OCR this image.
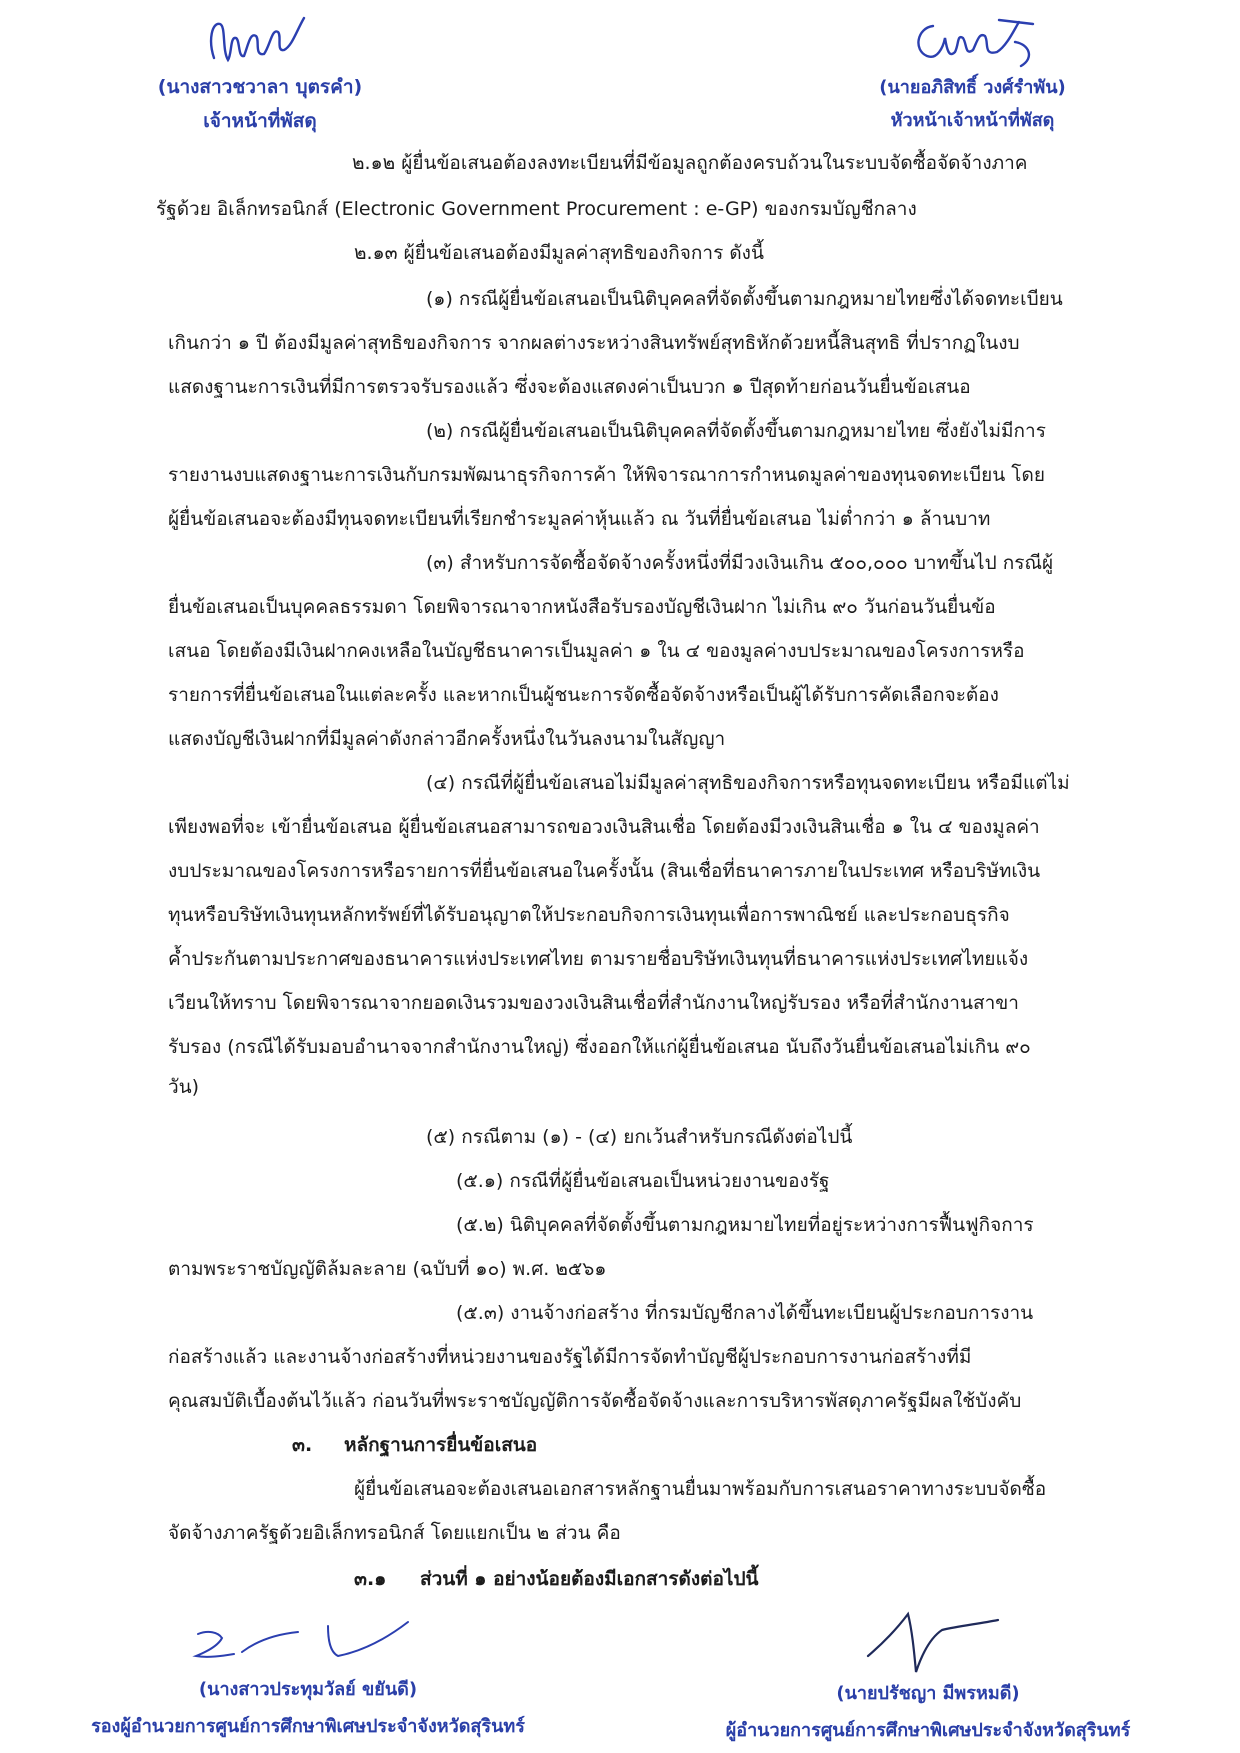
(นางสาวชวาลา บุตรคำ)
เจ้าหน้าที่พัสดุ
(นายอภิสิทธิ์ วงศ์รำพัน)
หัวหน้าเจ้าหน้าที่พัสดุ
๒.๑๒ ผู้ยื่นข้อเสนอต้องลงทะเบียนที่มีข้อมูลถูกต้องครบถ้วนในระบบจัดซื้อจัดจ้างภาค
รัฐด้วย อิเล็กทรอนิกส์ (Electronic Government Procurement : e-GP) ของกรมบัญชีกลาง
๒.๑๓ ผู้ยื่นข้อเสนอต้องมีมูลค่าสุทธิของกิจการ ดังนี้
(๑) กรณีผู้ยื่นข้อเสนอเป็นนิติบุคคลที่จัดตั้งขึ้นตามกฎหมายไทยซึ่งได้จดทะเบียน
เกินกว่า ๑ ปี ต้องมีมูลค่าสุทธิของกิจการ จากผลต่างระหว่างสินทรัพย์สุทธิหักด้วยหนี้สินสุทธิ ที่ปรากฏในงบ
แสดงฐานะการเงินที่มีการตรวจรับรองแล้ว ซึ่งจะต้องแสดงค่าเป็นบวก ๑ ปีสุดท้ายก่อนวันยื่นข้อเสนอ
(๒) กรณีผู้ยื่นข้อเสนอเป็นนิติบุคคลที่จัดตั้งขึ้นตามกฎหมายไทย ซึ่งยังไม่มีการ
รายงานงบแสดงฐานะการเงินกับกรมพัฒนาธุรกิจการค้า ให้พิจารณาการกำหนดมูลค่าของทุนจดทะเบียน โดย
ผู้ยื่นข้อเสนอจะต้องมีทุนจดทะเบียนที่เรียกชำระมูลค่าหุ้นแล้ว ณ วันที่ยื่นข้อเสนอ ไม่ต่ำกว่า ๑ ล้านบาท
(๓) สำหรับการจัดซื้อจัดจ้างครั้งหนึ่งที่มีวงเงินเกิน ๕๐๐,๐๐๐ บาทขึ้นไป กรณีผู้
ยื่นข้อเสนอเป็นบุคคลธรรมดา โดยพิจารณาจากหนังสือรับรองบัญชีเงินฝาก ไม่เกิน ๙๐ วันก่อนวันยื่นข้อ
เสนอ โดยต้องมีเงินฝากคงเหลือในบัญชีธนาคารเป็นมูลค่า ๑ ใน ๔ ของมูลค่างบประมาณของโครงการหรือ
รายการที่ยื่นข้อเสนอในแต่ละครั้ง และหากเป็นผู้ชนะการจัดซื้อจัดจ้างหรือเป็นผู้ได้รับการคัดเลือกจะต้อง
แสดงบัญชีเงินฝากที่มีมูลค่าดังกล่าวอีกครั้งหนึ่งในวันลงนามในสัญญา
(๔) กรณีที่ผู้ยื่นข้อเสนอไม่มีมูลค่าสุทธิของกิจการหรือทุนจดทะเบียน หรือมีแต่ไม่
เพียงพอที่จะ เข้ายื่นข้อเสนอ ผู้ยื่นข้อเสนอสามารถขอวงเงินสินเชื่อ โดยต้องมีวงเงินสินเชื่อ ๑ ใน ๔ ของมูลค่า
งบประมาณของโครงการหรือรายการที่ยื่นข้อเสนอในครั้งนั้น (สินเชื่อที่ธนาคารภายในประเทศ หรือบริษัทเงิน
ทุนหรือบริษัทเงินทุนหลักทรัพย์ที่ได้รับอนุญาตให้ประกอบกิจการเงินทุนเพื่อการพาณิชย์ และประกอบธุรกิจ
ค้ำประกันตามประกาศของธนาคารแห่งประเทศไทย ตามรายชื่อบริษัทเงินทุนที่ธนาคารแห่งประเทศไทยแจ้ง
เวียนให้ทราบ โดยพิจารณาจากยอดเงินรวมของวงเงินสินเชื่อที่สำนักงานใหญ่รับรอง หรือที่สำนักงานสาขา
รับรอง (กรณีได้รับมอบอำนาจจากสำนักงานใหญ่) ซึ่งออกให้แก่ผู้ยื่นข้อเสนอ นับถึงวันยื่นข้อเสนอไม่เกิน ๙๐
วัน)
(๕) กรณีตาม (๑) - (๔) ยกเว้นสำหรับกรณีดังต่อไปนี้
(๕.๑) กรณีที่ผู้ยื่นข้อเสนอเป็นหน่วยงานของรัฐ
(๕.๒) นิติบุคคลที่จัดตั้งขึ้นตามกฎหมายไทยที่อยู่ระหว่างการฟื้นฟูกิจการ
ตามพระราชบัญญัติล้มละลาย (ฉบับที่ ๑๐) พ.ศ. ๒๕๖๑
(๕.๓) งานจ้างก่อสร้าง ที่กรมบัญชีกลางได้ขึ้นทะเบียนผู้ประกอบการงาน
ก่อสร้างแล้ว และงานจ้างก่อสร้างที่หน่วยงานของรัฐได้มีการจัดทำบัญชีผู้ประกอบการงานก่อสร้างที่มี
คุณสมบัติเบื้องต้นไว้แล้ว ก่อนวันที่พระราชบัญญัติการจัดซื้อจัดจ้างและการบริหารพัสดุภาครัฐมีผลใช้บังคับ
๓. หลักฐานการยื่นข้อเสนอ
ผู้ยื่นข้อเสนอจะต้องเสนอเอกสารหลักฐานยื่นมาพร้อมกับการเสนอราคาทางระบบจัดซื้อ
จัดจ้างภาครัฐด้วยอิเล็กทรอนิกส์ โดยแยกเป็น ๒ ส่วน คือ
๓.๑ ส่วนที่ ๑ อย่างน้อยต้องมีเอกสารดังต่อไปนี้
(นางสาวประทุมวัลย์ ขยันดี)
รองผู้อำนวยการศูนย์การศึกษาพิเศษประจำจังหวัดสุรินทร์
(นายปรัชญา มีพรหมดี)
ผู้อำนวยการศูนย์การศึกษาพิเศษประจำจังหวัดสุรินทร์
